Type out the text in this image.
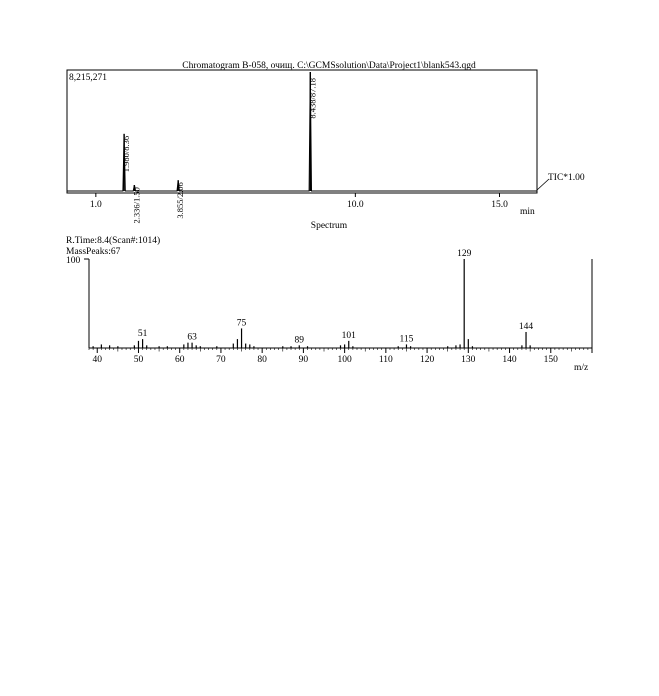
Chromatogram B-058, очищ. C:\GCMSsolution\Data\Project1\blank543.qgd
8,215,271
1.980/8.36
2.336/1.50	3.855/2.06
8.438/87.18
1.0	10.0	15.0
TIC*1.00
min
Spectrum
R.Time:8.4(Scan#:1014)
MassPeaks:67
100
40	50	60	70	80	90	100	110	120	130	140	150
51	63
75
89	101	115
129
144
m/z
